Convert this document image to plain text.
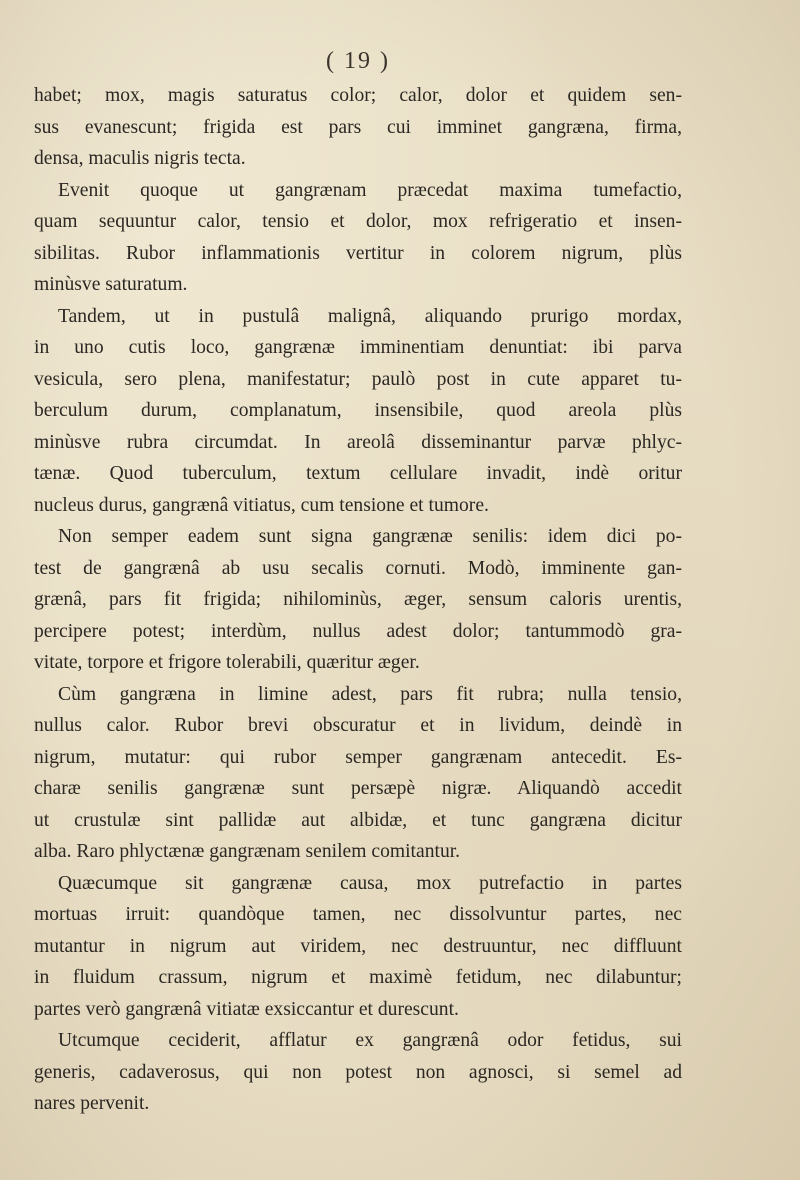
( 19 )
habet; mox, magis saturatus color; calor, dolor et quidem sen-
sus evanescunt; frigida est pars cui imminet gangræna, firma,
densa, maculis nigris tecta.
Evenit quoque ut gangrænam præcedat maxima tumefactio,
quam sequuntur calor, tensio et dolor, mox refrigeratio et insen-
sibilitas. Rubor inflammationis vertitur in colorem nigrum, plùs
minùsve saturatum.
Tandem, ut in pustulâ malignâ, aliquando prurigo mordax,
in uno cutis loco, gangrænæ imminentiam denuntiat: ibi parva
vesicula, sero plena, manifestatur; paulò post in cute apparet tu-
berculum durum, complanatum, insensibile, quod areola plùs
minùsve rubra circumdat. In areolâ disseminantur parvæ phlyc-
tænæ. Quod tuberculum, textum cellulare invadit, indè oritur
nucleus durus, gangrænâ vitiatus, cum tensione et tumore.
Non semper eadem sunt signa gangrænæ senilis: idem dici po-
test de gangrænâ ab usu secalis cornuti. Modò, imminente gan-
grænâ, pars fit frigida; nihilominùs, æger, sensum caloris urentis,
percipere potest; interdùm, nullus adest dolor; tantummodò gra-
vitate, torpore et frigore tolerabili, quæritur æger.
Cùm gangræna in limine adest, pars fit rubra; nulla tensio,
nullus calor. Rubor brevi obscuratur et in lividum, deindè in
nigrum, mutatur: qui rubor semper gangrænam antecedit. Es-
charæ senilis gangrænæ sunt persæpè nigræ. Aliquandò accedit
ut crustulæ sint pallidæ aut albidæ, et tunc gangræna dicitur
alba. Raro phlyctænæ gangrænam senilem comitantur.
Quæcumque sit gangrænæ causa, mox putrefactio in partes
mortuas irruit: quandòque tamen, nec dissolvuntur partes, nec
mutantur in nigrum aut viridem, nec destruuntur, nec diffluunt
in fluidum crassum, nigrum et maximè fetidum, nec dilabuntur;
partes verò gangrænâ vitiatæ exsiccantur et durescunt.
Utcumque ceciderit, afflatur ex gangrænâ odor fetidus, sui
generis, cadaverosus, qui non potest non agnosci, si semel ad
nares pervenit.
